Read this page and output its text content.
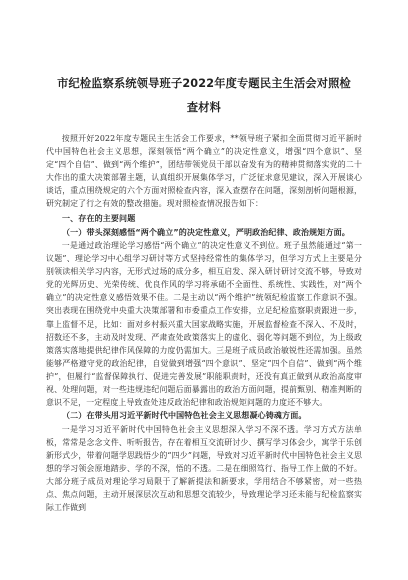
市纪检监察系统领导班子2022年度专题民主生活会对照检
查材料

按照开好2022年度专题民主生活会工作要求，**领导班子紧扣全面贯彻习近平新时代中国特色社会主义思想，深刻领悟“两个确立”的决定性意义，增强“四个意识”、坚定“四个自信”、做到“两个维护”，团结带领党员干部以奋发有为的精神贯彻落实党的二十大作出的重大决策部署主题，认真组织开展集体学习，广泛征求意见建议，深入开展谈心谈话，重点围绕规定的六个方面对照检查内容，深入查摆存在问题，深刻剖析问题根源，研究制定了行之有效的整改措施。现对照检查情况报告如下：

一、存在的主要问题

（一）带头深刻感悟“两个确立”的决定性意义，严明政治纪律、政治规矩方面。

一是通过政治理论学习感悟“两个确立”的决定性意义不到位。班子虽然能通过“第一议题”、理论学习中心组学习研讨等方式坚持经常性的集体学习，但学习方式上主要是分别领读相关学习内容，无形式过场的成分多，相互启发、深入研讨研讨交流不够，导致对党的光辉历史、光荣传统、优良作风的学习将承础不全面性、系统性、实践性，对“两个确立”的决定性意义感悟效果不佳。二是主动以“两个维护”统领纪检监察工作意识不强。突出表现在围绕党中央重大决策部署和市委重点工作安排，立足纪检监察职责跟进一步，靠上监督不足，比如：面对乡村振兴重大国家战略实施，开展监督检查不深入、不及时，招数还不多，主动及时发现、严肃查处政策落实上的虚化、弱化等问题不到位，为上级政策落实落地提供纪律作风保障的力度仍需加大。三是班子成员政治敏锐性还需加强。虽然能够严格遵守党的政治纪律，自觉做到增强“四个意识”、坚定“四个自信”、做到“两个维护”，但履行“监督保障执行、促进完善发展”职能职责时，还没有真正做到从政治高度审视、处理问题，对一些违规违纪问题后面暴露出的政治方面问题，提前甄别、精准判断的意识不足，一定程度上导致查处违反政治纪律和政治规矩问题的力度还不够大。

（二）在带头用习近平新时代中国特色社会主义思想凝心铸魂方面。

一是学习习近平新时代中国特色社会主义思想深入学习不深不透。学习方式方法单板，常常是念念文件、听听报告，存在着相互交流研讨少、撰写学习体会少，寓学于乐创新形式少，带着问题学思践悟少的“四少”问题，导致对习近平新时代中国特色社会主义思想的学习领会原地踏步、学的不深，悟的不透。二是在细照笃行、指导工作上做的不好。大部分班子成员对理论学习局限于了解新提法和新要求，学用结合不够紧密，对一些热点、焦点问题，主动开展深层次互动和思想交流较少，导致理论学习还未能与纪检监察实际工作做到
